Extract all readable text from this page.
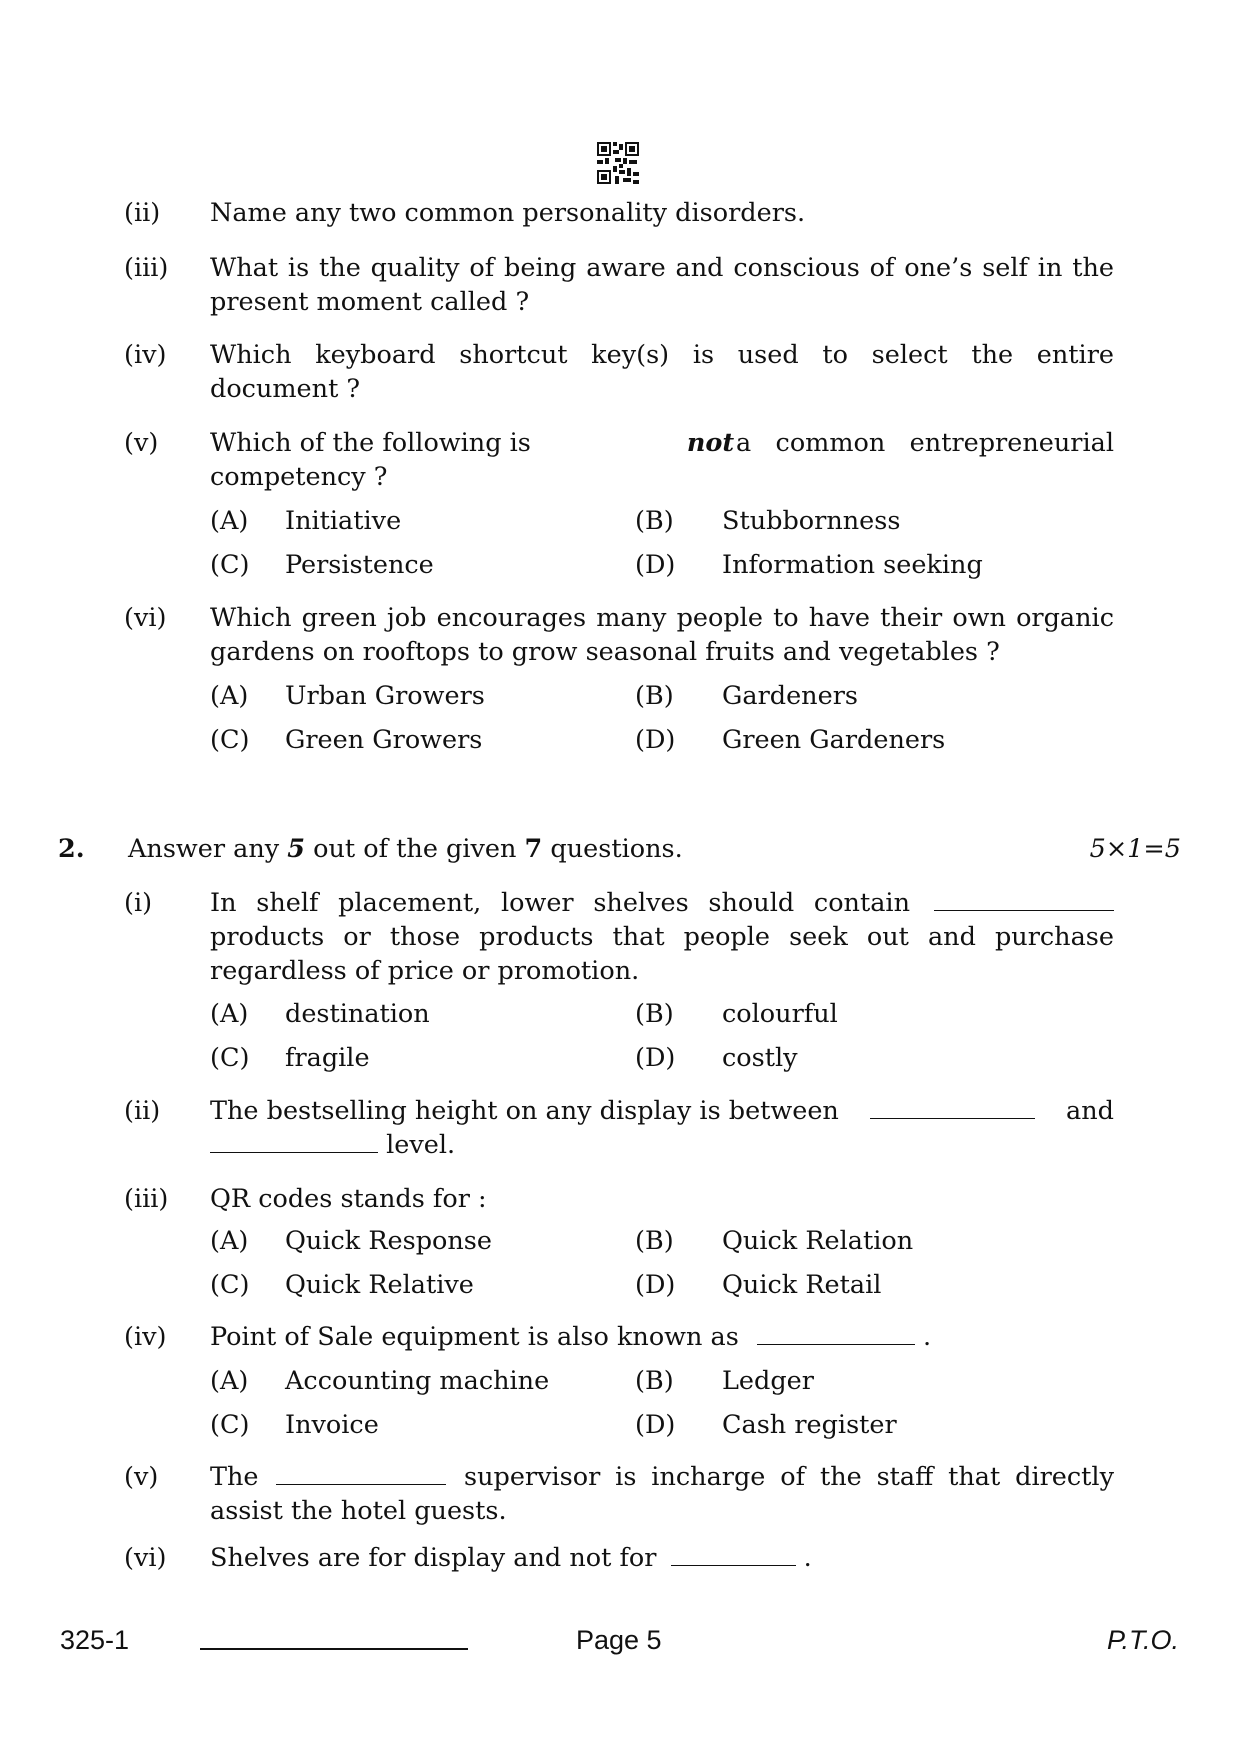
(ii) Name any two common personality disorders.
(iii) What is the quality of being aware and conscious of one’s self in the
present moment called ?
(iv) Which keyboard shortcut key(s) is used to select the entire
document ?
(v) Which of the following is	not a common entrepreneurial
competency ?
(A) Initiative	(B) Stubbornness
(C) Persistence	(D) Information seeking
(vi) Which green job encourages many people to have their own organic
gardens on rooftops to grow seasonal fruits and vegetables ?
(A) Urban Growers	(B) Gardeners
(C) Green Growers	(D) Green Gardeners
2. Answer any 5 out of the given 7 questions.	5×1=5
(i) In shelf placement, lower shelves should contain
products or those products that people seek out and purchase
regardless of price or promotion.
(A) destination	(B) colourful
(C) fragile	(D) costly
(ii) The bestselling height on any display is between	and
level.
(iii) QR codes stands for :
(A) Quick Response	(B) Quick Relation
(C) Quick Relative	(D) Quick Retail
(iv) Point of Sale equipment is also known as	.
(A) Accounting machine	(B) Ledger
(C) Invoice	(D) Cash register
(v) The	supervisor is incharge of the staff that directly
assist the hotel guests.
(vi) Shelves are for display and not for	.
325-1	Page 5	P.T.O.
